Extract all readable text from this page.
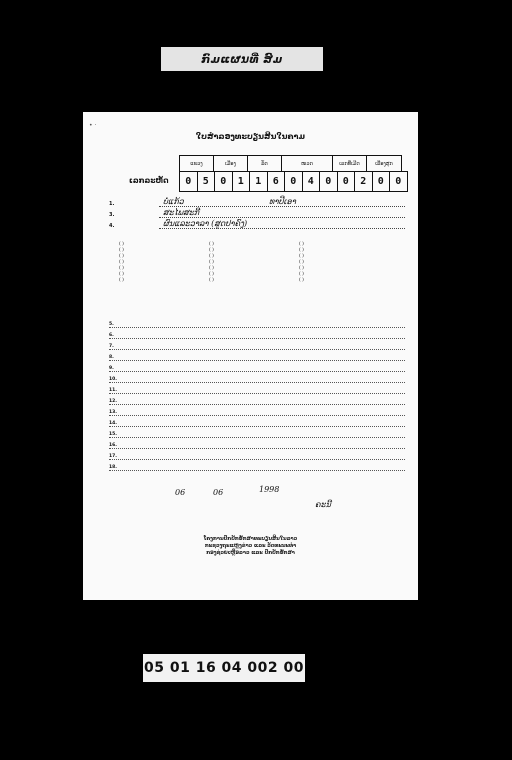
ກົມແຜນທີ່ ສົມ
• ·
ໃບສຳລອງທະບຽນສິນໃນຄາມ
ເລກລະຫັດ
ແຂວງ	ເມືອງ	ລັດ	ໜວດ	ເລກທີ່ເມີດ	ເລືອງສຸກ
0	5	0	1	1	6	0	4	0	0	2	0	0
1.	ບໍ່ແກ້ວ	ທາປີເອາ
3.	ສະໄພສະກີ
4.	ຜົນແລະວາລາ (ສູດປາຄົງ)
( )
( )
( )
( )
( )
( )
( )
( )
( )
( )
( )
( )
( )
( )
( )
( )
( )
( )
( )
( )
( )
5.
6.
7.
8.
9.
10.
11.
12.
13.
14.
15.
16.
17.
18.
06	06	1998
ຄະນີ
ໂຄງການປົກປັກຮັກສາທະບຽນສິນໃນລາວ
ກະຊວງຖະແຫຼງຂ່າວ ແລະ ວັດທະນະທຳ
ກອງຊ່ວຍເຫຼືອລາວ ແລະ ປົກປັກຮັກສາ
05 01 16 04 002 00
